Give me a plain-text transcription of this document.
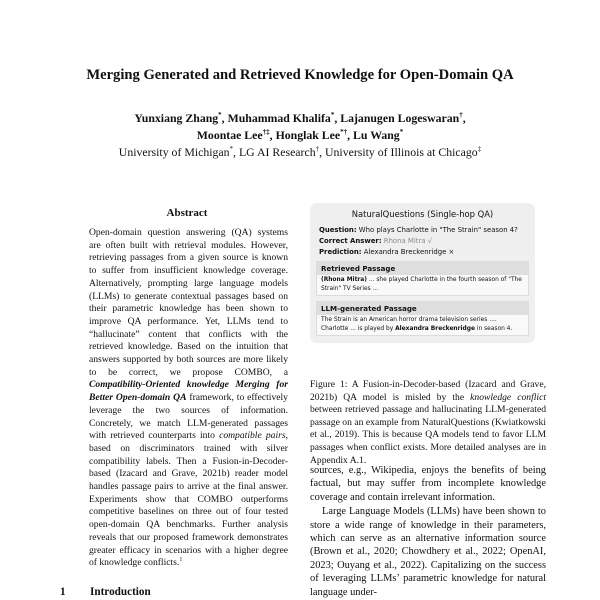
Merging Generated and Retrieved Knowledge for Open-Domain QA
Yunxiang Zhang*, Muhammad Khalifa*, Lajanugen Logeswaran†,
Moontae Lee†‡, Honglak Lee*†, Lu Wang*
University of Michigan*, LG AI Research†, University of Illinois at Chicago‡
Abstract
Open-domain question answering (QA) systems are often built with retrieval modules. However, retrieving passages from a given source is known to suffer from insufficient knowledge coverage. Alternatively, prompting large language models (LLMs) to generate contextual passages based on their parametric knowledge has been shown to improve QA performance. Yet, LLMs tend to “hallucinate” content that conflicts with the retrieved knowledge. Based on the intuition that answers supported by both sources are more likely to be correct, we propose COMBO, a Compatibility-Oriented knowledge Merging for Better Open-domain QA framework, to effectively leverage the two sources of information. Concretely, we match LLM-generated passages with retrieved counterparts into compatible pairs, based on discriminators trained with silver compatibility labels. Then a Fusion-in-Decoder-based (Izacard and Grave, 2021b) reader model handles passage pairs to arrive at the final answer. Experiments show that COMBO outperforms competitive baselines on three out of four tested open-domain QA benchmarks. Further analysis reveals that our proposed framework demonstrates greater efficacy in scenarios with a higher degree of knowledge conflicts.$^1$
1 Introduction
NaturalQuestions (Single-hop QA)
Question: Who plays Charlotte in "The Strain" season 4?
Correct Answer: Rhona Mitra √
Prediction: Alexandra Breckenridge ×
Retrieved Passage
(Rhona Mitra) ... she played Charlotte in the fourth season of "The Strain" TV Series ...
LLM-generated Passage
The Strain is an American horror drama television series .... Charlotte ... is played by Alexandra Breckenridge in season 4.
Figure 1: A Fusion-in-Decoder-based (Izacard and Grave, 2021b) QA model is misled by the knowledge conflict between retrieved passage and hallucinating LLM-generated passage on an example from NaturalQuestions (Kwiatkowski et al., 2019). This is because QA models tend to favor LLM passages when conflict exists. More detailed analyses are in Appendix A.1.

sources, e.g., Wikipedia, enjoys the benefits of being factual, but may suffer from incomplete knowledge coverage and contain irrelevant information.

Large Language Models (LLMs) have been shown to store a wide range of knowledge in their parameters, which can serve as an alternative information source (Brown et al., 2020; Chowdhery et al., 2022; OpenAI, 2023; Ouyang et al., 2022). Capitalizing on the success of leveraging LLMs’ parametric knowledge for natural language under-
